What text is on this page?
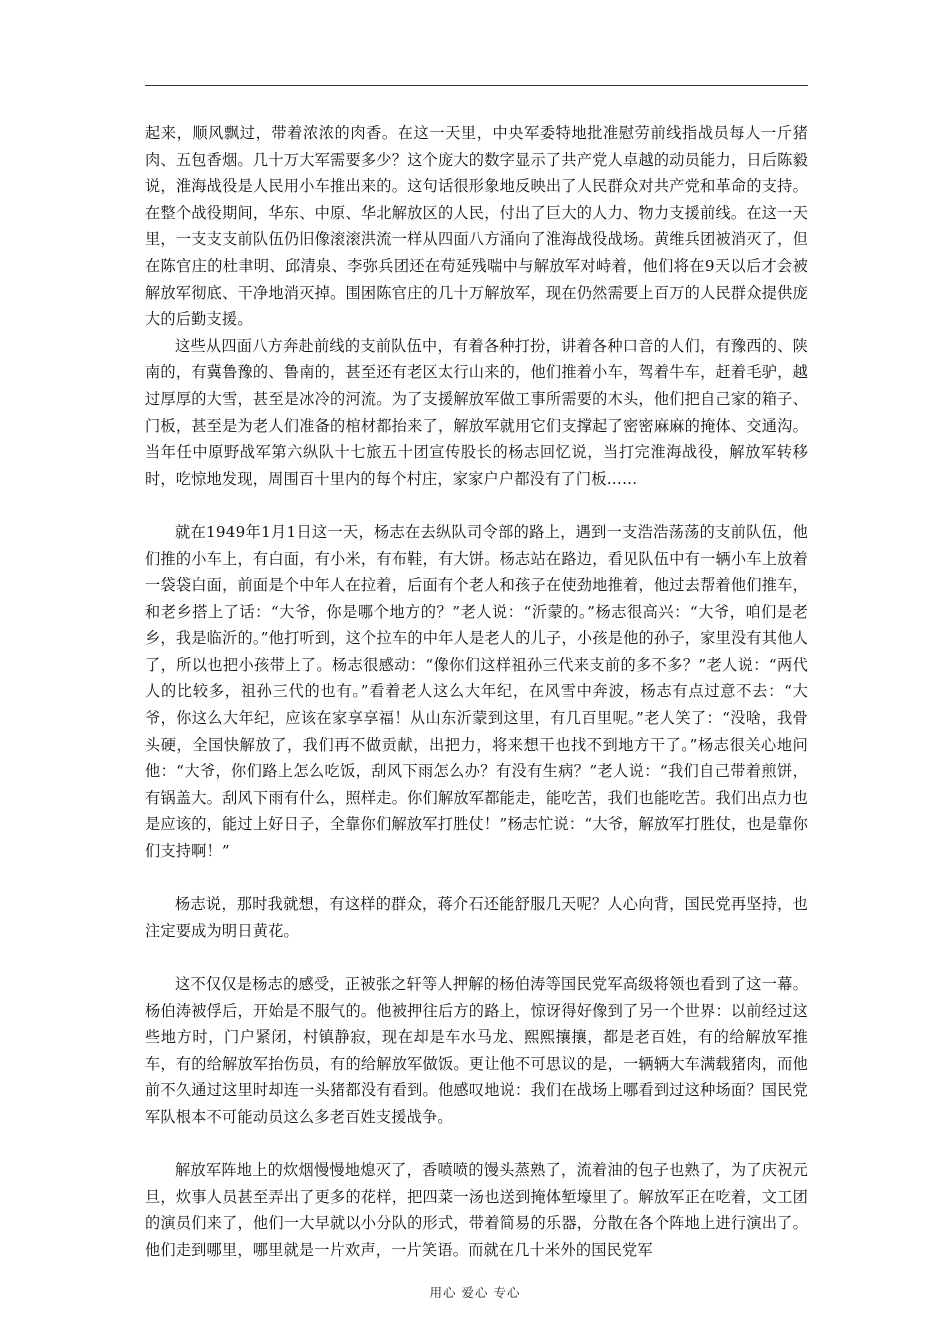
起来，顺风飘过，带着浓浓的肉香。在这一天里，中央军委特地批准慰劳前线指战员每人一斤猪肉、五包香烟。几十万大军需要多少？这个庞大的数字显示了共产党人卓越的动员能力，日后陈毅说，淮海战役是人民用小车推出来的。这句话很形象地反映出了人民群众对共产党和革命的支持。在整个战役期间，华东、中原、华北解放区的人民，付出了巨大的人力、物力支援前线。在这一天里，一支支支前队伍仍旧像滚滚洪流一样从四面八方涌向了淮海战役战场。黄维兵团被消灭了，但在陈官庄的杜聿明、邱清泉、李弥兵团还在苟延残喘中与解放军对峙着，他们将在9天以后才会被解放军彻底、干净地消灭掉。围困陈官庄的几十万解放军，现在仍然需要上百万的人民群众提供庞大的后勤支援。

这些从四面八方奔赴前线的支前队伍中，有着各种打扮，讲着各种口音的人们，有豫西的、陕南的，有冀鲁豫的、鲁南的，甚至还有老区太行山来的，他们推着小车，驾着牛车，赶着毛驴，越过厚厚的大雪，甚至是冰冷的河流。为了支援解放军做工事所需要的木头，他们把自己家的箱子、门板，甚至是为老人们准备的棺材都抬来了，解放军就用它们支撑起了密密麻麻的掩体、交通沟。当年任中原野战军第六纵队十七旅五十团宣传股长的杨志回忆说，当打完淮海战役，解放军转移时，吃惊地发现，周围百十里内的每个村庄，家家户户都没有了门板……

就在1949年1月1日这一天，杨志在去纵队司令部的路上，遇到一支浩浩荡荡的支前队伍，他们推的小车上，有白面，有小米，有布鞋，有大饼。杨志站在路边，看见队伍中有一辆小车上放着一袋袋白面，前面是个中年人在拉着，后面有个老人和孩子在使劲地推着，他过去帮着他们推车，和老乡搭上了话：“大爷，你是哪个地方的？”老人说：“沂蒙的。”杨志很高兴：“大爷，咱们是老乡，我是临沂的。”他打听到，这个拉车的中年人是老人的儿子，小孩是他的孙子，家里没有其他人了，所以也把小孩带上了。杨志很感动：“像你们这样祖孙三代来支前的多不多？”老人说：“两代人的比较多，祖孙三代的也有。”看着老人这么大年纪，在风雪中奔波，杨志有点过意不去：“大爷，你这么大年纪，应该在家享享福！从山东沂蒙到这里，有几百里呢。”老人笑了：“没啥，我骨头硬，全国快解放了，我们再不做贡献，出把力，将来想干也找不到地方干了。”杨志很关心地问他：“大爷，你们路上怎么吃饭，刮风下雨怎么办？有没有生病？”老人说：“我们自己带着煎饼，有锅盖大。刮风下雨有什么，照样走。你们解放军都能走，能吃苦，我们也能吃苦。我们出点力也是应该的，能过上好日子，全靠你们解放军打胜仗！”杨志忙说：“大爷，解放军打胜仗，也是靠你们支持啊！”

杨志说，那时我就想，有这样的群众，蒋介石还能舒服几天呢？人心向背，国民党再坚持，也注定要成为明日黄花。

这不仅仅是杨志的感受，正被张之轩等人押解的杨伯涛等国民党军高级将领也看到了这一幕。杨伯涛被俘后，开始是不服气的。他被押往后方的路上，惊讶得好像到了另一个世界：以前经过这些地方时，门户紧闭，村镇静寂，现在却是车水马龙、熙熙攘攘，都是老百姓，有的给解放军推车，有的给解放军抬伤员，有的给解放军做饭。更让他不可思议的是，一辆辆大车满载猪肉，而他前不久通过这里时却连一头猪都没有看到。他感叹地说：我们在战场上哪看到过这种场面？国民党军队根本不可能动员这么多老百姓支援战争。

解放军阵地上的炊烟慢慢地熄灭了，香喷喷的馒头蒸熟了，流着油的包子也熟了，为了庆祝元旦，炊事人员甚至弄出了更多的花样，把四菜一汤也送到掩体堑壕里了。解放军正在吃着，文工团的演员们来了，他们一大早就以小分队的形式，带着简易的乐器，分散在各个阵地上进行演出了。他们走到哪里，哪里就是一片欢声，一片笑语。而就在几十米外的国民党军

用心 爱心 专心
